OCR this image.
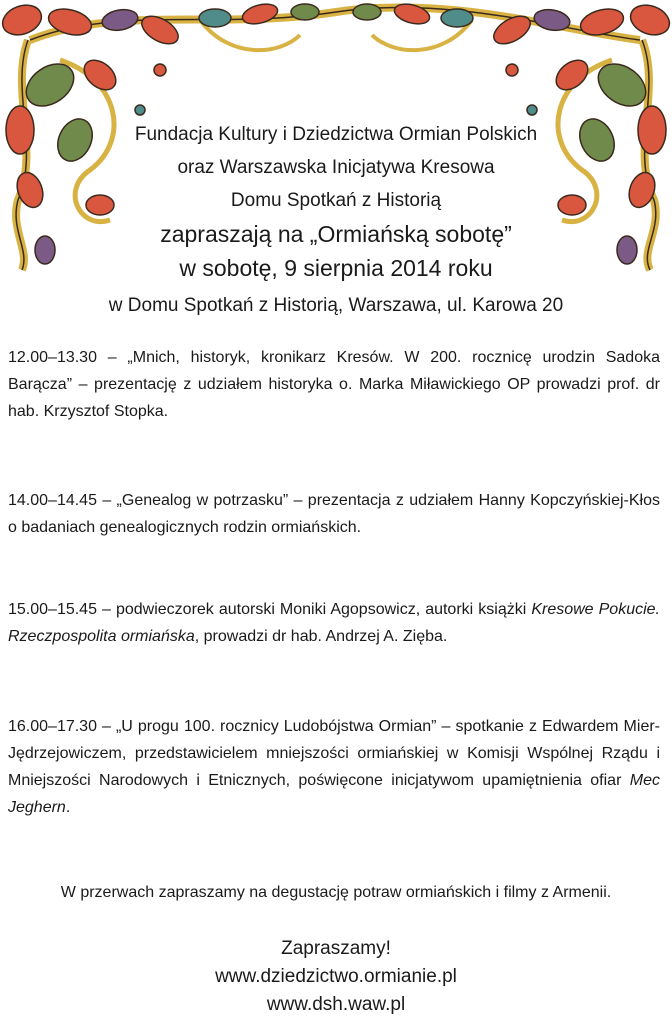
Fundacja Kultury i Dziedzictwa Ormian Polskich
oraz Warszawska Inicjatywa Kresowa
Domu Spotkań z Historią
zapraszają na „Ormiańską sobotę”
w sobotę, 9 sierpnia 2014 roku
w Domu Spotkań z Historią, Warszawa, ul. Karowa 20
12.00–13.30 – „Mnich, historyk, kronikarz Kresów. W 200. rocznicę urodzin Sadoka Barącza” – prezentację z udziałem historyka o. Marka Miławickiego OP prowadzi prof. dr hab. Krzysztof Stopka.
14.00–14.45 – „Genealog w potrzasku” – prezentacja z udziałem Hanny Kopczyńskiej-Kłos o badaniach genealogicznych rodzin ormiańskich.
15.00–15.45 – podwieczorek autorski Moniki Agopsowicz, autorki książki Kresowe Pokucie. Rzeczpospolita ormiańska, prowadzi dr hab. Andrzej A. Zięba.
16.00–17.30 – „U progu 100. rocznicy Ludobójstwa Ormian” – spotkanie z Edwardem Mier-Jędrzejowiczem, przedstawicielem mniejszości ormiańskiej w Komisji Wspólnej Rządu i Mniejszości Narodowych i Etnicznych, poświęcone inicjatywom upamiętnienia ofiar Mec Jeghern.
W przerwach zapraszamy na degustację potraw ormiańskich i filmy z Armenii.
Zapraszamy!
www.dziedzictwo.ormianie.pl
www.dsh.waw.pl
